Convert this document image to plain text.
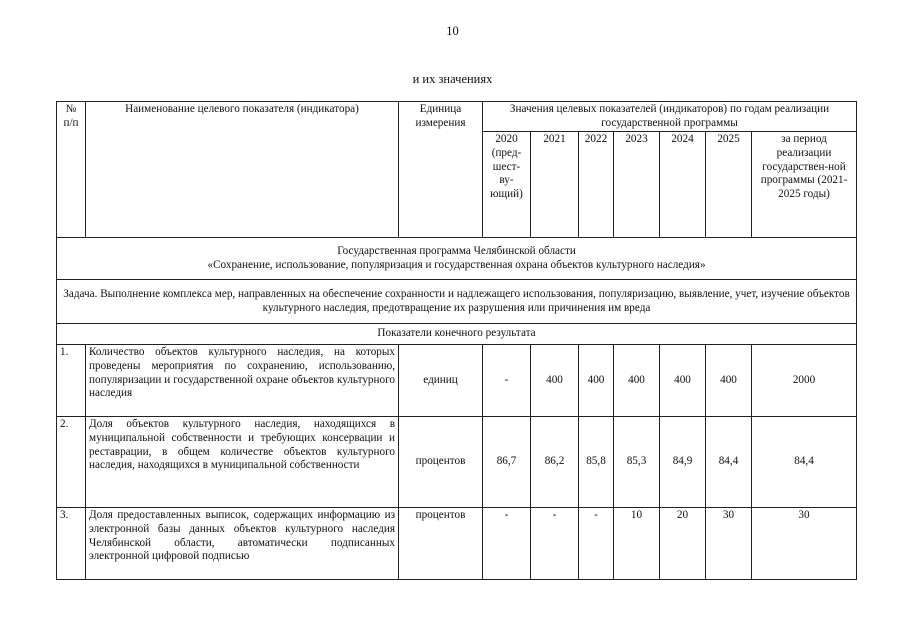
10
и их значениях
№ п/п	Наименование целевого показателя (индикатора)	Единица измерения	Значения целевых показателей (индикаторов) по годам реализации государственной программы						
			2020 (пред-шест-ву-ющий)	2021	2022	2023	2024	2025	за период реализации государствен-ной программы (2021-2025 годы)

Государственная программа Челябинской области
«Сохранение, использование, популяризация и государственная охрана объектов культурного наследия»									

Задача. Выполнение комплекса мер, направленных на обеспечение сохранности и надлежащего использования, популяризацию, выявление, учет, изучение объектов культурного наследия, предотвращение их разрушения или причинения им вреда									
Показатели конечного результата									
1.	Количество объектов культурного наследия, на которых проведены мероприятия по сохранению, использованию, популяризации и государственной охране объектов культурного наследия	единиц	-	400	400	400	400	400	2000
2.	Доля объектов культурного наследия, находящихся в муниципальной собственности и требующих консервации и реставрации, в общем количестве объектов культурного наследия, находящихся в муниципальной собственности	процентов	86,7	86,2	85,8	85,3	84,9	84,4	84,4
3.	Доля предоставленных выписок, содержащих информацию из электронной базы данных объектов культурного наследия Челябинской области, автоматически подписанных электронной цифровой подписью	процентов	-	-	-	10	20	30	30
